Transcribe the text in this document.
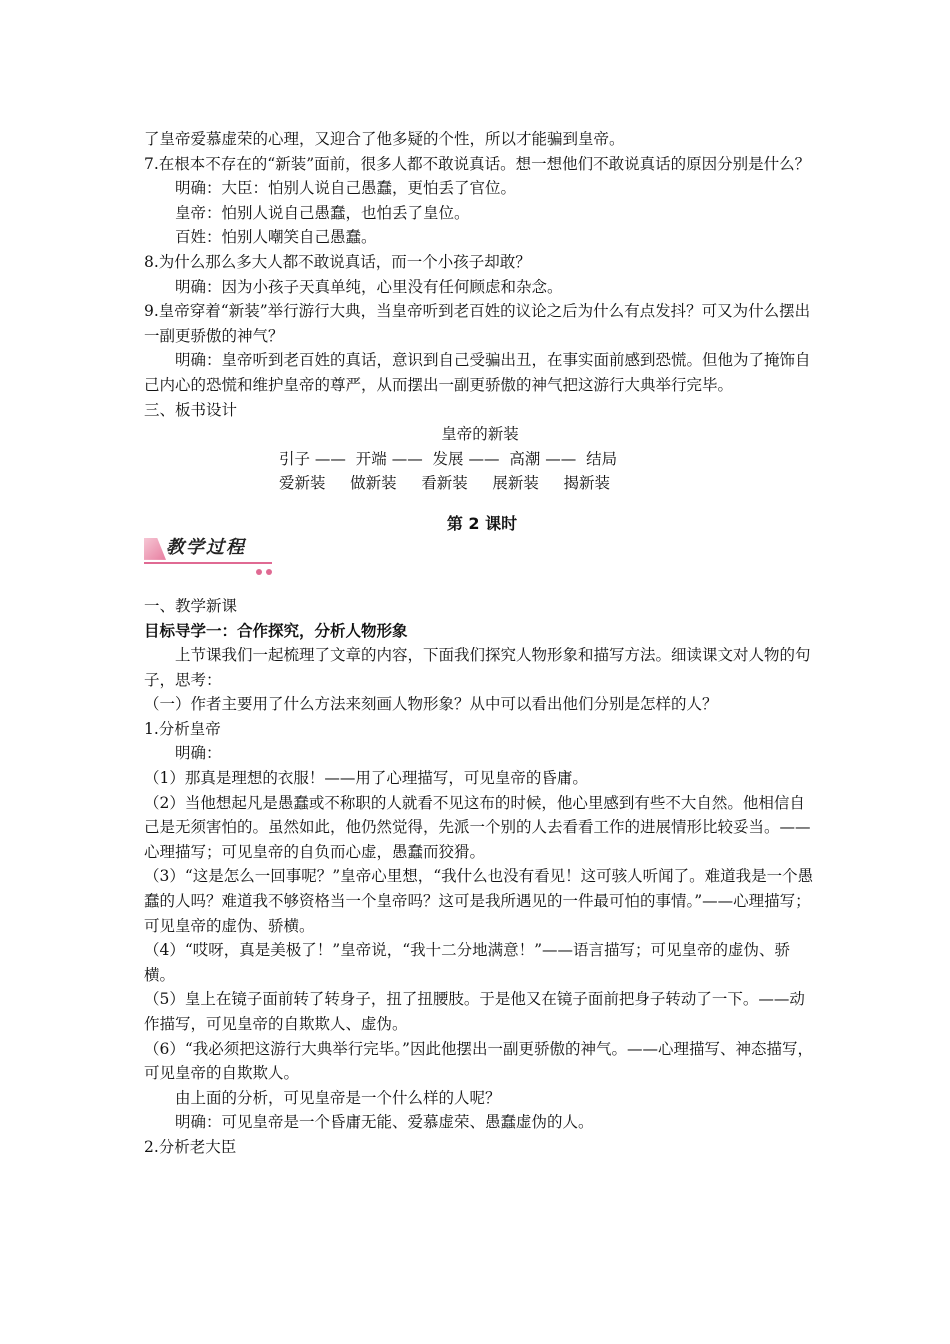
了皇帝爱慕虚荣的心理，又迎合了他多疑的个性，所以才能骗到皇帝。

7.在根本不存在的“新装”面前，很多人都不敢说真话。想一想他们不敢说真话的原因分别是什么？

明确：大臣：怕别人说自己愚蠢，更怕丢了官位。

皇帝：怕别人说自己愚蠢，也怕丢了皇位。

百姓：怕别人嘲笑自己愚蠢。

8.为什么那么多大人都不敢说真话，而一个小孩子却敢？

明确：因为小孩子天真单纯，心里没有任何顾虑和杂念。

9.皇帝穿着“新装”举行游行大典，当皇帝听到老百姓的议论之后为什么有点发抖？可又为什么摆出一副更骄傲的神气？

明确：皇帝听到老百姓的真话，意识到自己受骗出丑，在事实面前感到恐慌。但他为了掩饰自己内心的恐慌和维护皇帝的尊严，从而摆出一副更骄傲的神气把这游行大典举行完毕。

三、板书设计

皇帝的新装
引子 ——  开端 ——  发展 ——  高潮 ——  结局
爱新装     做新装     看新装     展新装     揭新装
第 2 课时
教学过程

一、教学新课

目标导学一：合作探究，分析人物形象

上节课我们一起梳理了文章的内容，下面我们探究人物形象和描写方法。细读课文对人物的句子，思考：

（一）作者主要用了什么方法来刻画人物形象？从中可以看出他们分别是怎样的人？

1.分析皇帝

明确：

（1）那真是理想的衣服！——用了心理描写，可见皇帝的昏庸。

（2）当他想起凡是愚蠢或不称职的人就看不见这布的时候，他心里感到有些不大自然。他相信自己是无须害怕的。虽然如此，他仍然觉得，先派一个别的人去看看工作的进展情形比较妥当。——心理描写；可见皇帝的自负而心虚，愚蠢而狡猾。

（3）“这是怎么一回事呢？”皇帝心里想，“我什么也没有看见！这可骇人听闻了。难道我是一个愚蠢的人吗？难道我不够资格当一个皇帝吗？这可是我所遇见的一件最可怕的事情。”——心理描写；可见皇帝的虚伪、骄横。

（4）“哎呀，真是美极了！”皇帝说，“我十二分地满意！”——语言描写；可见皇帝的虚伪、骄横。

（5）皇上在镜子面前转了转身子，扭了扭腰肢。于是他又在镜子面前把身子转动了一下。——动作描写，可见皇帝的自欺欺人、虚伪。

（6）“我必须把这游行大典举行完毕。”因此他摆出一副更骄傲的神气。——心理描写、神态描写，可见皇帝的自欺欺人。

由上面的分析，可见皇帝是一个什么样的人呢？

明确：可见皇帝是一个昏庸无能、爱慕虚荣、愚蠢虚伪的人。

2.分析老大臣
